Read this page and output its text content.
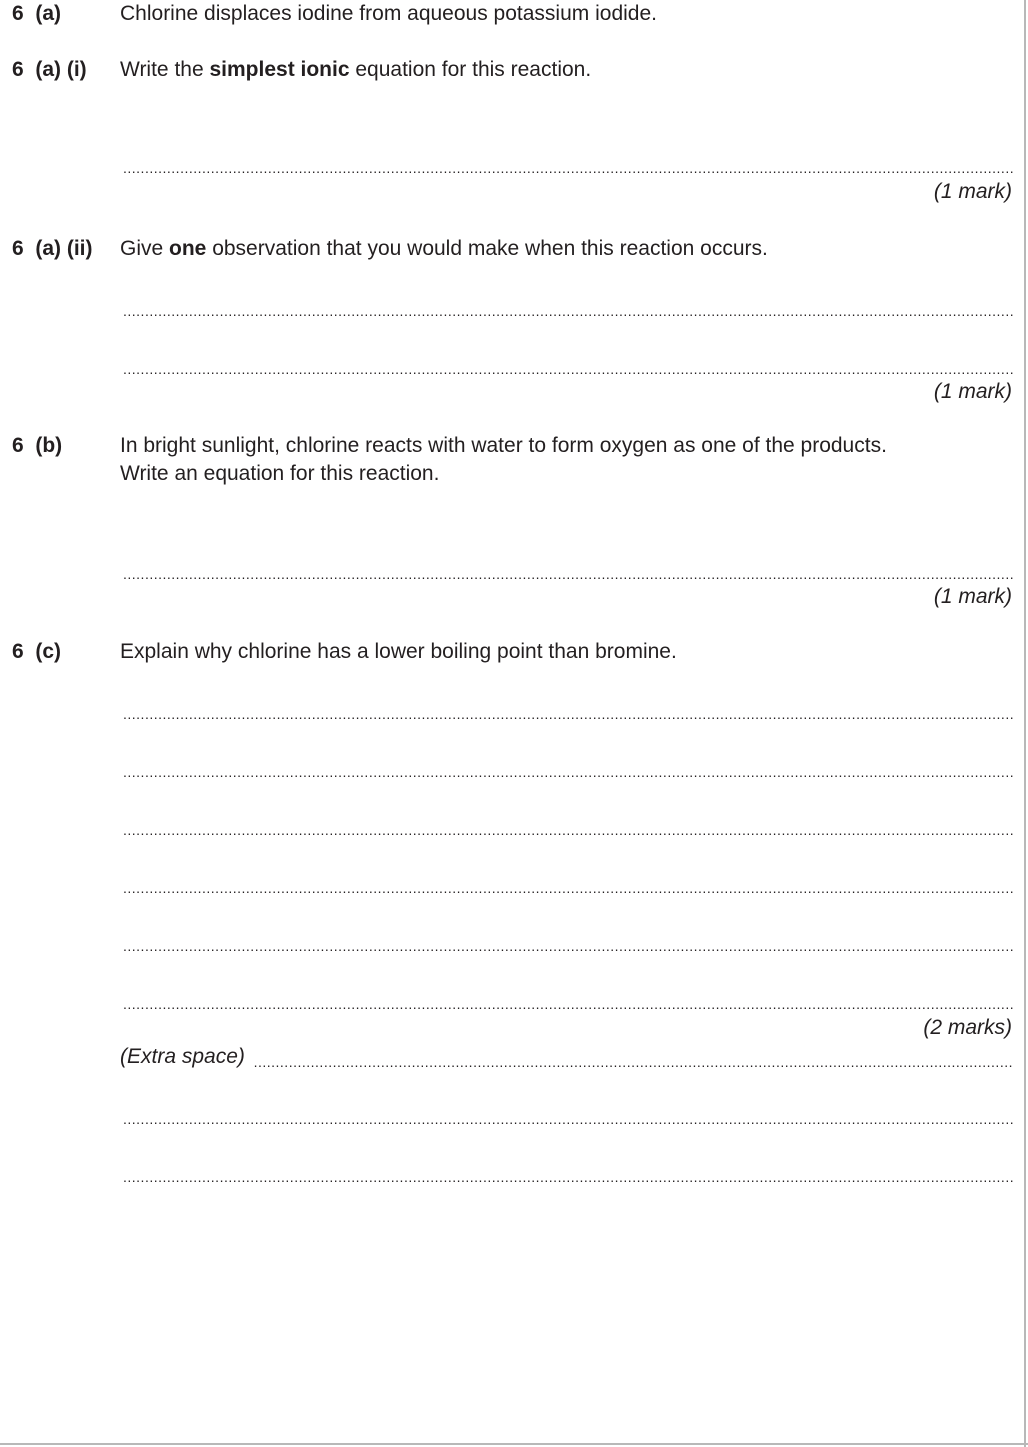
6  (a)	Chlorine displaces iodine from aqueous potassium iodide.
6  (a) (i) Write the simplest ionic equation for this reaction.
.....
(1 mark)
6  (a) (ii) Give one observation that you would make when this reaction occurs.
.....
.....
(1 mark)
6  (b)	In bright sunlight, chlorine reacts with water to form oxygen as one of the products.
Write an equation for this reaction.
.....
(1 mark)
6  (c)	Explain why chlorine has a lower boiling point than bromine.
.....
.....
.....
.....
.....
.....
(2 marks)
(Extra space)
.....
.....
.....
